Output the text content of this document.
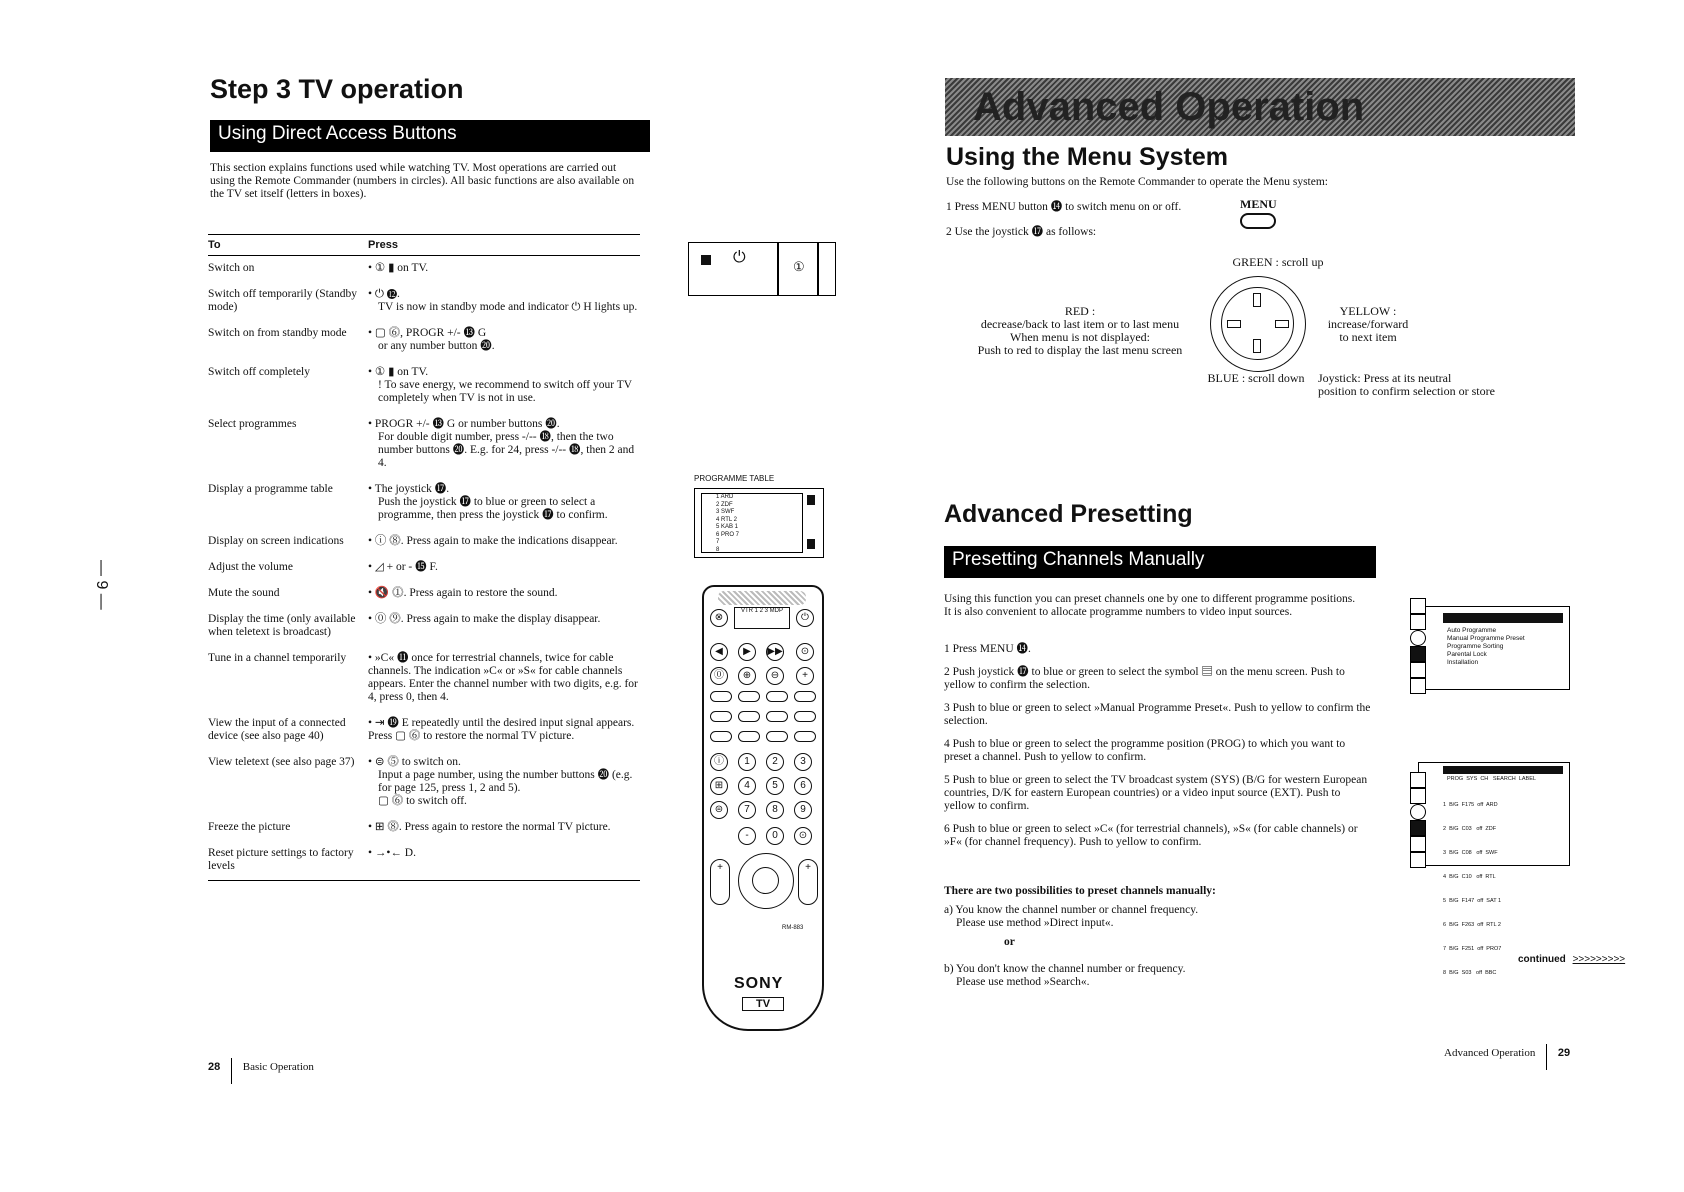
Step 3 TV operation
Using Direct Access Buttons
This section explains functions used while watching TV. Most operations are carried out using the Remote Commander (numbers in circles). All basic functions are also available on the TV set itself (letters in boxes).
To	Press
Switch on	• ① ▮ on TV.
Switch off temporarily (Standby mode)	• ⏻ ⓬.
TV is now in standby mode and indicator ⏻ H lights up.

Switch on from standby mode	• ▢ ⓺, PROGR +/- ⓭ G
or any number button ⓴.

Switch off completely	• ① ▮ on TV.
! To save energy, we recommend to switch off your TV completely when TV is not in use.

Select programmes	• PROGR +/- ⓭ G or number buttons ⓴.
For double digit number, press -/-- ⓲, then the two number buttons ⓴. E.g. for 24, press -/-- ⓲, then 2 and 4.

Display a programme table	• The joystick ⓱.
Push the joystick ⓱ to blue or green to select a programme, then press the joystick ⓱ to confirm.

Display on screen indications	• ⓘ ⓼. Press again to make the indications disappear.
Adjust the volume	• ◿ + or - ⓯ F.
Mute the sound	• 🔇 ⓵. Press again to restore the sound.
Display the time (only available when teletext is broadcast)	• ⓪ ⓽. Press again to make the display disappear.
Tune in a channel temporarily	• »C« ⓫ once for terrestrial channels, twice for cable channels. The indication »C« or »S« for cable channels appears. Enter the channel number with two digits, e.g. for 4, press 0, then 4.
View the input of a connected device (see also page 40)	• ⇥ ⓳ E repeatedly until the desired input signal appears. Press ▢ ⓺ to restore the normal TV picture.
View teletext (see also page 37)	• ⊜ ⓹ to switch on.
Input a page number, using the number buttons ⓴ (e.g. for page 125, press 1, 2 and 5).
▢ ⓺ to switch off.

Freeze the picture	• ⊞ ⓼. Press again to restore the normal TV picture.
Reset picture settings to factory levels	• →•← D.
⏻
①
PROGRAMME TABLE
1 ARD
2 ZDF
3 SWF
4 RTL 2
5 KAB 1
6 PRO 7
7
8
⊗
VTR 1 2 3 MDP
⏻
◀	▶	▶▶	⊙
⓪	⊕	⊖	+
ⓘ	1	2	3
⊞	4	5	6
⊜	7	8	9
-	0	⊙
+	+
RM-883
SONY
TV
— 9 —
28 Basic Operation
Advanced Operation
Using the Menu System
Use the following buttons on the Remote Commander to operate the Menu system:
1 Press MENU button ⓮ to switch menu on or off.
2 Use the joystick ⓱ as follows:
MENU
GREEN : scroll up
RED :
decrease/back to last item or to last menu
When menu is not displayed:
Push to red to display the last menu screen
YELLOW :
increase/forward
to next item
BLUE : scroll down	Joystick: Press at its neutral
position to confirm selection or store
Advanced Presetting
Presetting Channels Manually
Using this function you can preset channels one by one to different programme positions. It is also convenient to allocate programme numbers to video input sources.
1 Press MENU ⓮.
2 Push joystick ⓱ to blue or green to select the symbol ▤ on the menu screen. Push to yellow to confirm the selection.
3 Push to blue or green to select »Manual Programme Preset«. Push to yellow to confirm the selection.
4 Push to blue or green to select the programme position (PROG) to which you want to preset a channel. Push to yellow to confirm.
5 Push to blue or green to select the TV broadcast system (SYS) (B/G for western European countries, D/K for eastern European countries) or a video input source (EXT). Push to yellow to confirm.
6 Push to blue or green to select »C« (for terrestrial channels), »S« (for cable channels) or »F« (for channel frequency). Push to yellow to confirm.
There are two possibilities to preset channels manually:
a) You know the channel number or channel frequency.
Please use method »Direct input«.
or
b) You don't know the channel number or frequency.
Please use method »Search«.
Auto Programme
Manual Programme Preset
Programme Sorting
Parental Lock
Installation
PROG  SYS  CH   SEARCH  LABEL

1  B/G  F175  off  ARD

2  B/G  C03   off  ZDF

3  B/G  C08   off  SWF

4  B/G  C10   off  RTL

5  B/G  F147  off  SAT 1

6  B/G  F263  off  RTL 2

7  B/G  F251  off  PRO7

8  B/G  S03   off  BBC

continued >>>>>>>>>
Advanced Operation 29
